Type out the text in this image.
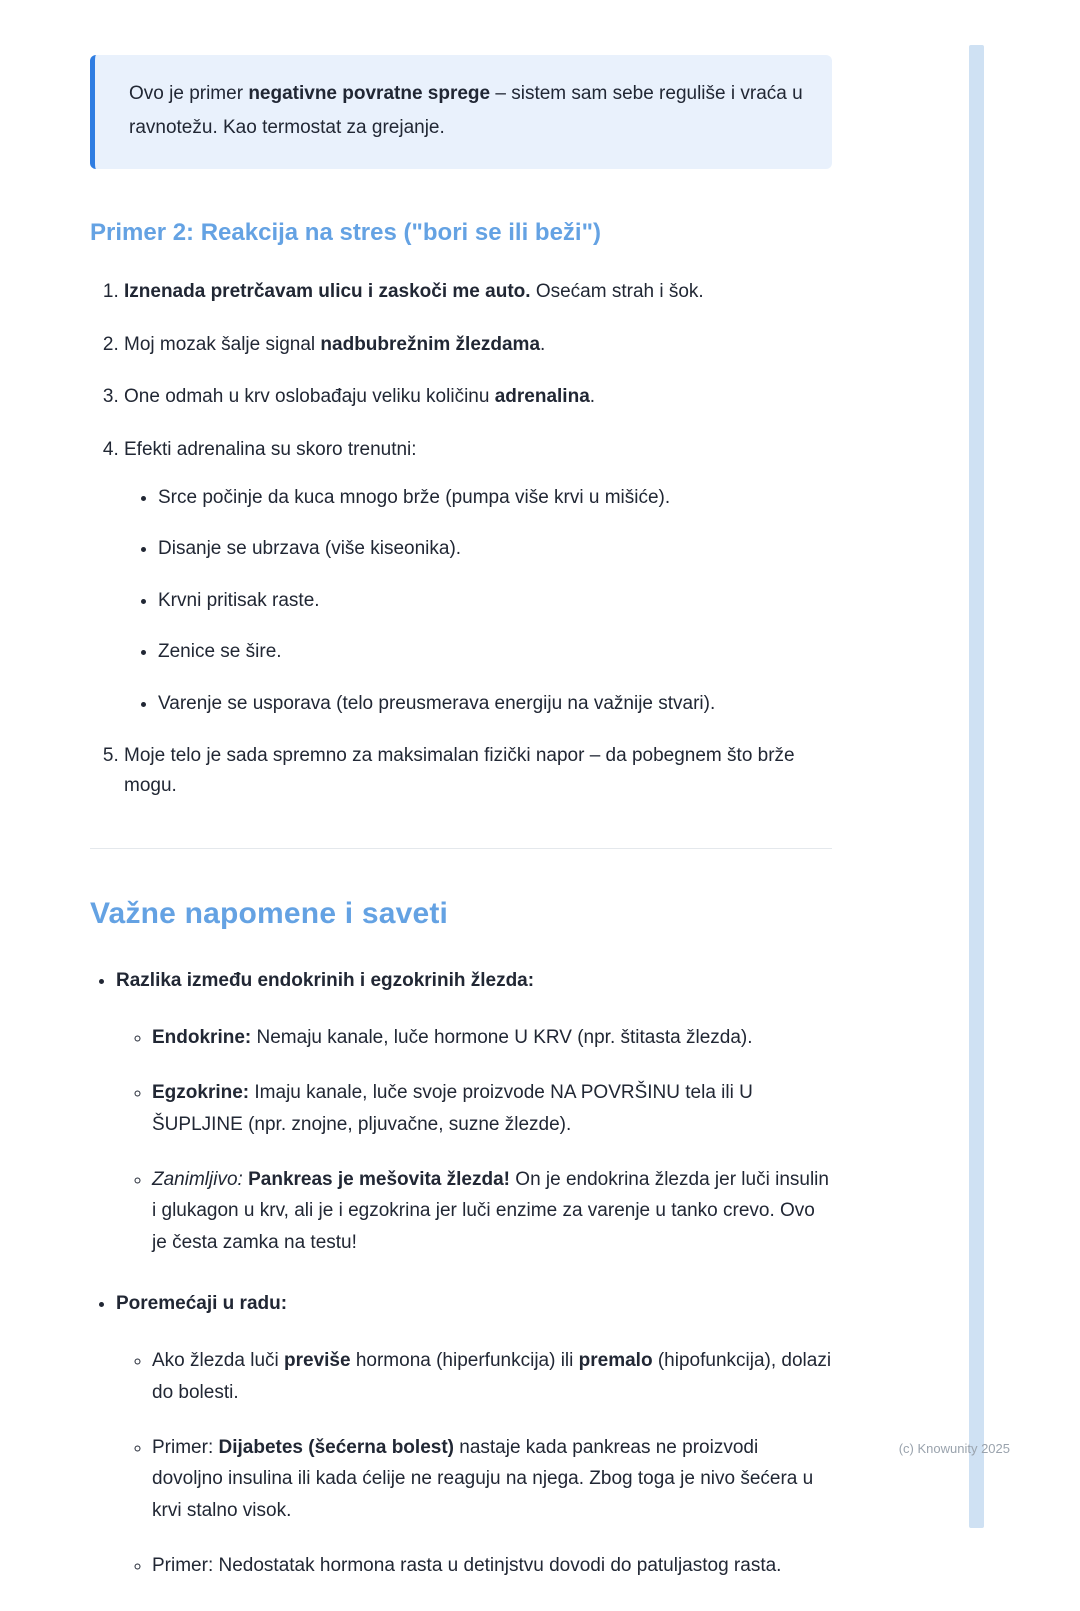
Ovo je primer negativne povratne sprege – sistem sam sebe reguliše i vraća u ravnotežu. Kao termostat za grejanje.

Primer 2: Reakcija na stres ("bori se ili beži")
1. Iznenada pretrčavam ulicu i zaskoči me auto. Osećam strah i šok.
2. Moj mozak šalje signal nadbubrežnim žlezdama.
3. One odmah u krv oslobađaju veliku količinu adrenalina.
4. Efekti adrenalina su skoro trenutni:
• Srce počinje da kuca mnogo brže (pumpa više krvi u mišiće).
• Disanje se ubrzava (više kiseonika).
• Krvni pritisak raste.
• Zenice se šire.
• Varenje se usporava (telo preusmerava energiju na važnije stvari).
5. Moje telo je sada spremno za maksimalan fizički napor – da pobegnem što brže mogu.
Važne napomene i saveti
• Razlika između endokrinih i egzokrinih žlezda:
◦ Endokrine: Nemaju kanale, luče hormone U KRV (npr. štitasta žlezda).
◦ Egzokrine: Imaju kanale, luče svoje proizvode NA POVRŠINU tela ili U ŠUPLJINE (npr. znojne, pljuvačne, suzne žlezde).
◦ Zanimljivo: Pankreas je mešovita žlezda! On je endokrina žlezda jer luči insulin i glukagon u krv, ali je i egzokrina jer luči enzime za varenje u tanko crevo. Ovo je česta zamka na testu!
• Poremećaji u radu:
◦ Ako žlezda luči previše hormona (hiperfunkcija) ili premalo (hipofunkcija), dolazi do bolesti.
◦ Primer: Dijabetes (šećerna bolest) nastaje kada pankreas ne proizvodi dovoljno insulina ili kada ćelije ne reaguju na njega. Zbog toga je nivo šećera u krvi stalno visok.
◦ Primer: Nedostatak hormona rasta u detinjstvu dovodi do patuljastog rasta.
(c) Knowunity 2025
